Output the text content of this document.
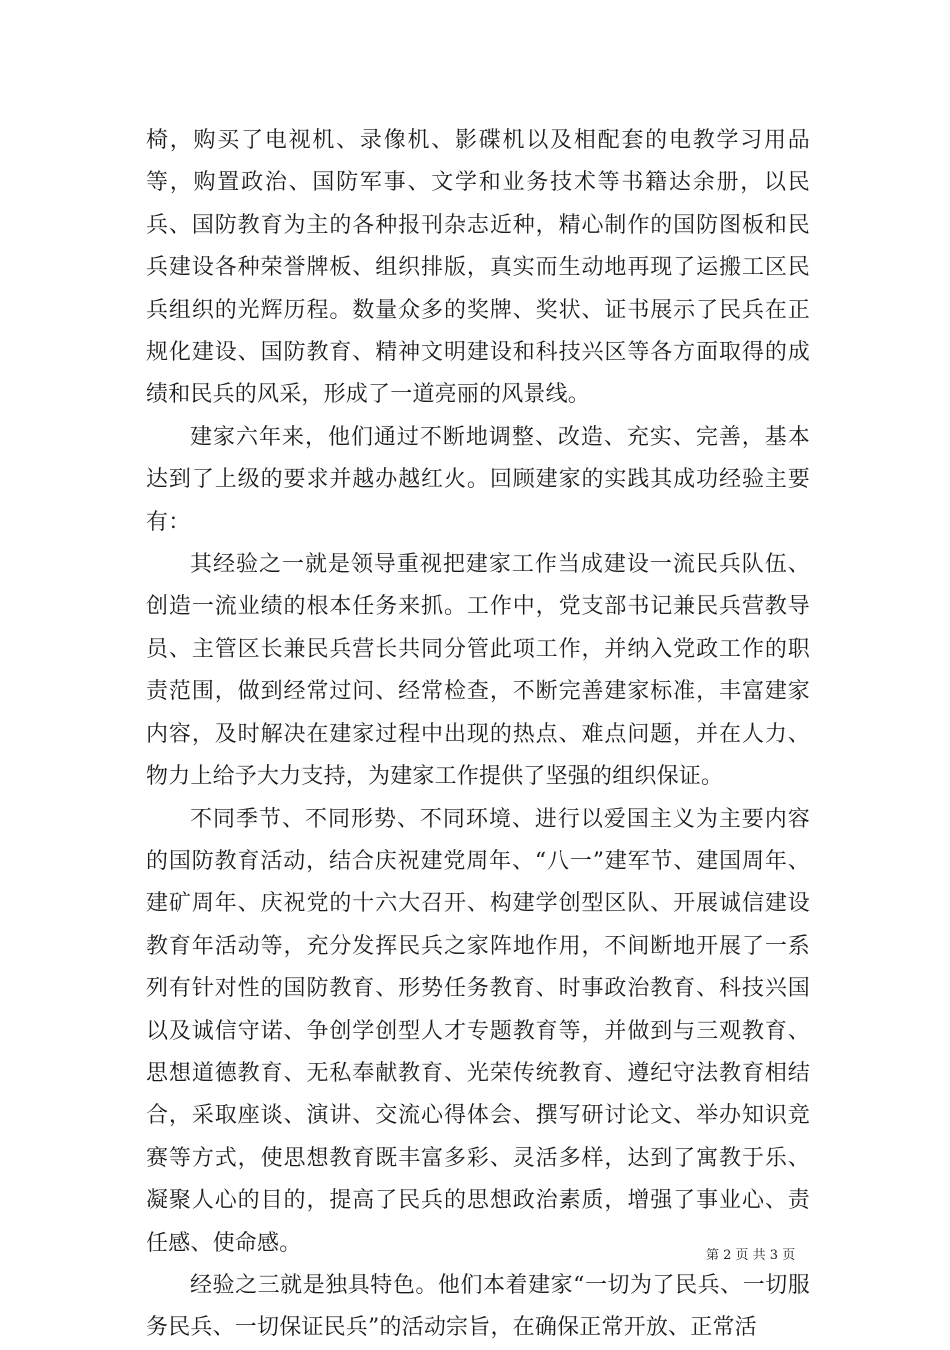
椅，购买了电视机、录像机、影碟机以及相配套的电教学习用品等，购置政治、国防军事、文学和业务技术等书籍达余册，以民兵、国防教育为主的各种报刊杂志近种，精心制作的国防图板和民兵建设各种荣誉牌板、组织排版，真实而生动地再现了运搬工区民兵组织的光辉历程。数量众多的奖牌、奖状、证书展示了民兵在正规化建设、国防教育、精神文明建设和科技兴区等各方面取得的成绩和民兵的风采，形成了一道亮丽的风景线。

建家六年来，他们通过不断地调整、改造、充实、完善，基本达到了上级的要求并越办越红火。回顾建家的实践其成功经验主要有：

其经验之一就是领导重视把建家工作当成建设一流民兵队伍、创造一流业绩的根本任务来抓。工作中，党支部书记兼民兵营教导员、主管区长兼民兵营长共同分管此项工作，并纳入党政工作的职责范围，做到经常过问、经常检查，不断完善建家标准，丰富建家内容，及时解决在建家过程中出现的热点、难点问题，并在人力、物力上给予大力支持，为建家工作提供了坚强的组织保证。

不同季节、不同形势、不同环境、进行以爱国主义为主要内容的国防教育活动，结合庆祝建党周年、“八一”建军节、建国周年、建矿周年、庆祝党的十六大召开、构建学创型区队、开展诚信建设教育年活动等，充分发挥民兵之家阵地作用，不间断地开展了一系列有针对性的国防教育、形势任务教育、时事政治教育、科技兴国以及诚信守诺、争创学创型人才专题教育等，并做到与三观教育、思想道德教育、无私奉献教育、光荣传统教育、遵纪守法教育相结合，采取座谈、演讲、交流心得体会、撰写研讨论文、举办知识竞赛等方式，使思想教育既丰富多彩、灵活多样，达到了寓教于乐、凝聚人心的目的，提高了民兵的思想政治素质，增强了事业心、责任感、使命感。

经验之三就是独具特色。他们本着建家“一切为了民兵、一切服务民兵、一切保证民兵”的活动宗旨，在确保正常开放、正常活

第 2 页 共 3 页
